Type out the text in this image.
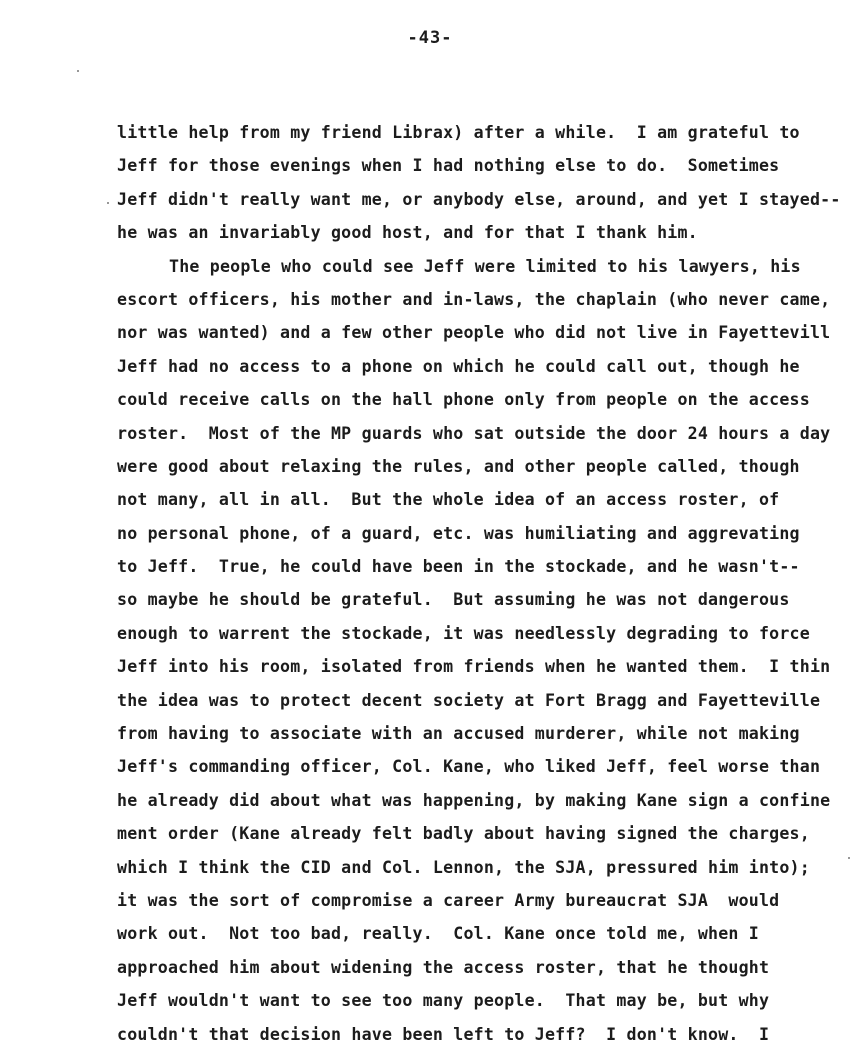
-43-
little help from my friend Librax) after a while.  I am grateful to
Jeff for those evenings when I had nothing else to do.  Sometimes
Jeff didn't really want me, or anybody else, around, and yet I stayed--
he was an invariably good host, and for that I thank him.
The people who could see Jeff were limited to his lawyers, his
escort officers, his mother and in-laws, the chaplain (who never came,
nor was wanted) and a few other people who did not live in Fayettevill
Jeff had no access to a phone on which he could call out, though he
could receive calls on the hall phone only from people on the access
roster.  Most of the MP guards who sat outside the door 24 hours a day
were good about relaxing the rules, and other people called, though
not many, all in all.  But the whole idea of an access roster, of
no personal phone, of a guard, etc. was humiliating and aggrevating
to Jeff.  True, he could have been in the stockade, and he wasn't--
so maybe he should be grateful.  But assuming he was not dangerous
enough to warrent the stockade, it was needlessly degrading to force
Jeff into his room, isolated from friends when he wanted them.  I thin
the idea was to protect decent society at Fort Bragg and Fayetteville
from having to associate with an accused murderer, while not making
Jeff's commanding officer, Col. Kane, who liked Jeff, feel worse than
he already did about what was happening, by making Kane sign a confine
ment order (Kane already felt badly about having signed the charges,
which I think the CID and Col. Lennon, the SJA, pressured him into);
it was the sort of compromise a career Army bureaucrat SJA  would
work out.  Not too bad, really.  Col. Kane once told me, when I
approached him about widening the access roster, that he thought
Jeff wouldn't want to see too many people.  That may be, but why
couldn't that decision have been left to Jeff?  I don't know.  I
